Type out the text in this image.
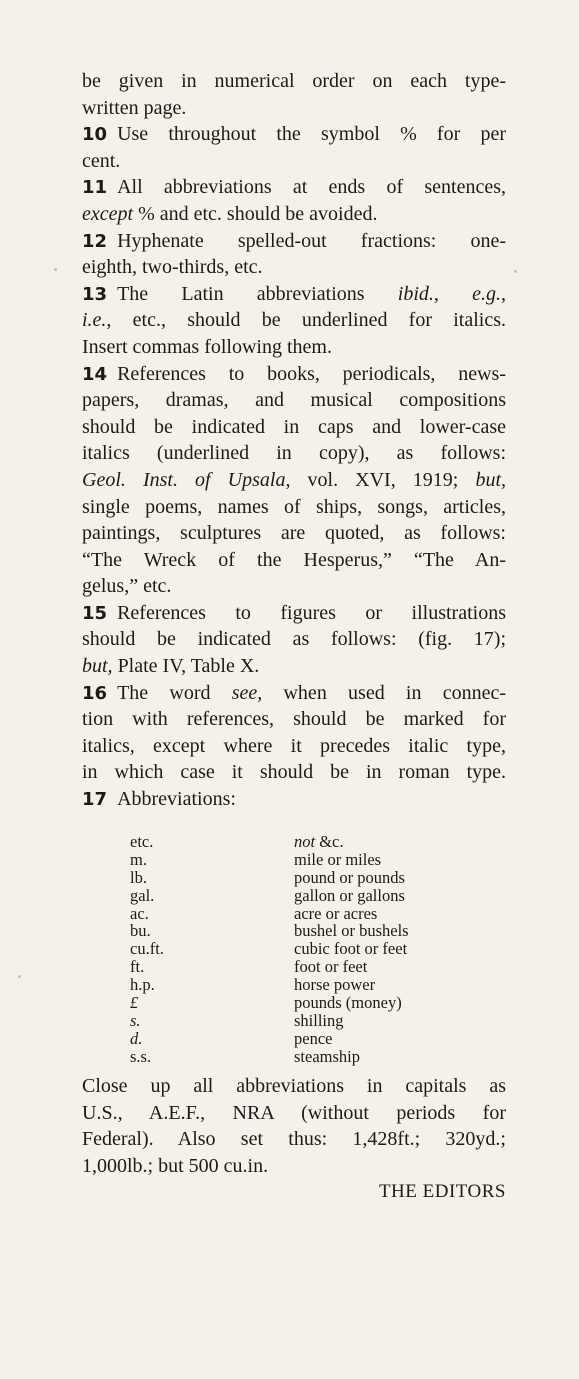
be given in numerical order on each type-
written page.
10 Use throughout the symbol % for per
cent.
11 All abbreviations at ends of sentences,
except % and etc. should be avoided.
12 Hyphenate spelled-out fractions: one-
eighth, two-thirds, etc.
13 The Latin abbreviations ibid., e.g.,
i.e., etc., should be underlined for italics.
Insert commas following them.
14 References to books, periodicals, news-
papers, dramas, and musical compositions
should be indicated in caps and lower-case
italics (underlined in copy), as follows:
Geol. Inst. of Upsala, vol. XVI, 1919; but,
single poems, names of ships, songs, articles,
paintings, sculptures are quoted, as follows:
“The Wreck of the Hesperus,” “The An-
gelus,” etc.
15 References to figures or illustrations
should be indicated as follows: (fig. 17);
but, Plate IV, Table X.
16 The word see, when used in connec-
tion with references, should be marked for
italics, except where it precedes italic type,
in which case it should be in roman type.
17 Abbreviations:
etc.	not &c.
m.	mile or miles
lb.	pound or pounds
gal.	gallon or gallons
ac.	acre or acres
bu.	bushel or bushels
cu.ft.	cubic foot or feet
ft.	foot or feet
h.p.	horse power
£	pounds (money)
s.	shilling
d.	pence
s.s.	steamship
Close up all abbreviations in capitals as
U.S., A.E.F., NRA (without periods for
Federal). Also set thus: 1,428ft.; 320yd.;
1,000lb.; but 500 cu.in.
THE EDITORS
